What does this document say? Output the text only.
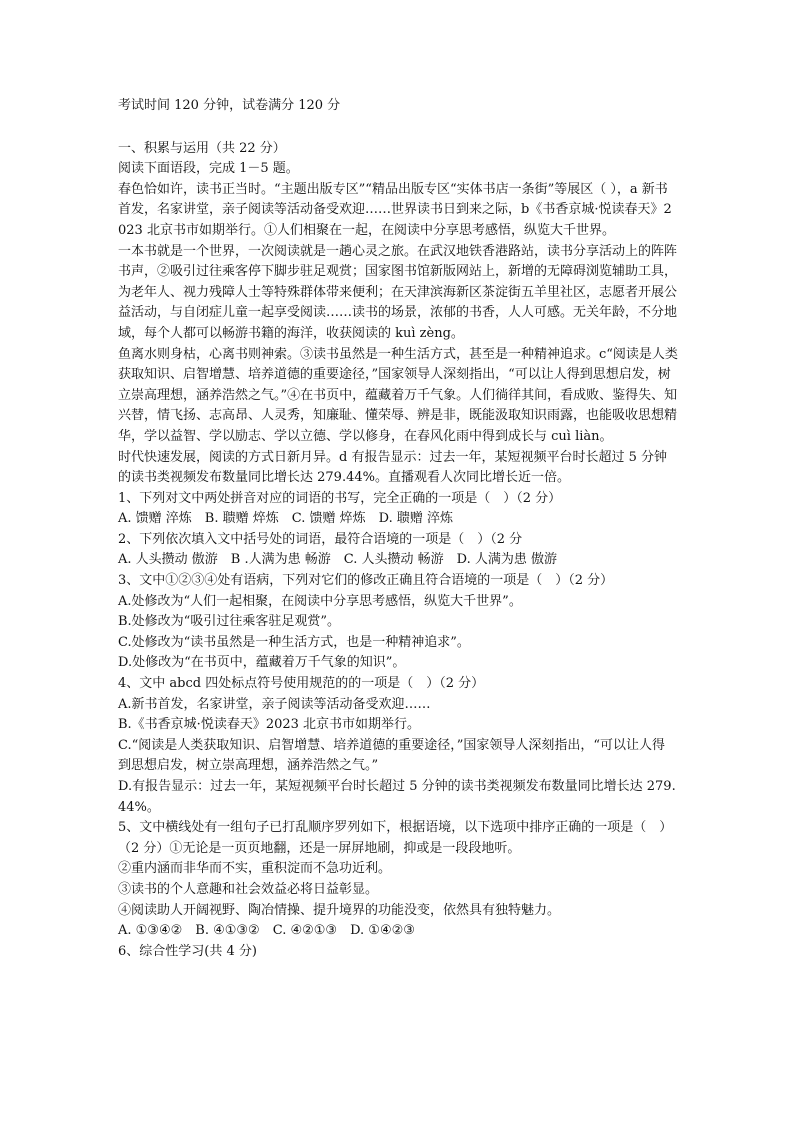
考试时间 120 分钟，试卷满分 120 分

一、积累与运用（共 22 分）

阅读下面语段，完成 1－5 题。

春色恰如许，读书正当时。“主题出版专区”“精品出版专区“实体书店一条街”等展区（ ），a 新书首发，名家讲堂，亲子阅读等活动备受欢迎……世界读书日到来之际，b《书香京城·悦读春天》2023 北京书市如期举行。①人们相聚在一起，在阅读中分享思考感悟，纵览大千世界。

一本书就是一个世界，一次阅读就是一趟心灵之旅。在武汉地铁香港路站，读书分享活动上的阵阵书声，②吸引过往乘客停下脚步驻足观赏；国家图书馆新版网站上，新增的无障碍浏览辅助工具，为老年人、视力残障人士等特殊群体带来便利；在天津滨海新区茶淀街五羊里社区，志愿者开展公益活动，与自闭症儿童一起享受阅读……读书的场景，浓郁的书香，人人可感。无关年龄，不分地域，每个人都可以畅游书籍的海洋，收获阅读的 kuì zèng。

鱼离水则身枯，心离书则神索。③读书虽然是一种生活方式，甚至是一种精神追求。c“阅读是人类获取知识、启智增慧、培养道德的重要途径，”国家领导人深刻指出，“可以让人得到思想启发，树立崇高理想，涵养浩然之气。”④在书页中，蕴藏着万千气象。人们徜徉其间，看成败、鉴得失、知兴替，情飞扬、志高昂、人灵秀，知廉耻、懂荣辱、辨是非，既能汲取知识雨露，也能吸收思想精华，学以益智、学以励志、学以立德、学以修身，在春风化雨中得到成长与 cuì liàn。

时代快速发展，阅读的方式日新月异。d 有报告显示：过去一年，某短视频平台时长超过 5 分钟的读书类视频发布数量同比增长达 279.44%。直播观看人次同比增长近一倍。

1、下列对文中两处拼音对应的词语的书写，完全正确的一项是（　）（2 分）

A. 馈赠 淬炼　B. 聩赠 焠炼　C. 馈赠 焠炼　D. 聩赠 淬炼

2、下列依次填入文中括号处的词语，最符合语境的一项是（　）（2 分

A. 人头攒动 傲游　B .人满为患 畅游　C. 人头攒动 畅游　D. 人满为患 傲游

3、文中①②③④处有语病，下列对它们的修改正确且符合语境的一项是（　）（2 分）

A.处修改为“人们一起相聚，在阅读中分享思考感悟，纵览大千世界”。

B.处修改为“吸引过往乘客驻足观赏”。

C.处修改为“读书虽然是一种生活方式，也是一种精神追求”。

D.处修改为“在书页中，蕴藏着万千气象的知识”。

4、文中 abcd 四处标点符号使用规范的的一项是（　）（2 分）

A.新书首发，名家讲堂，亲子阅读等活动备受欢迎……

B.《书香京城·悦读春天》2023 北京书市如期举行。

C.“阅读是人类获取知识、启智增慧、培养道德的重要途径，”国家领导人深刻指出，“可以让人得到思想启发，树立崇高理想，涵养浩然之气。”

D.有报告显示：过去一年，某短视频平台时长超过 5 分钟的读书类视频发布数量同比增长达 279.44%。

5、文中横线处有一组句子已打乱顺序罗列如下，根据语境，以下选项中排序正确的一项是（　）（2 分）①无论是一页页地翻，还是一屏屏地刷，抑或是一段段地听。

②重内涵而非华而不实，重积淀而不急功近利。

③读书的个人意趣和社会效益必将日益彰显。

④阅读助人开阔视野、陶冶情操、提升境界的功能没变，依然具有独特魅力。

A. ①③④②　B. ④①③②　C. ④②①③　D. ①④②③

6、综合性学习(共 4 分)
